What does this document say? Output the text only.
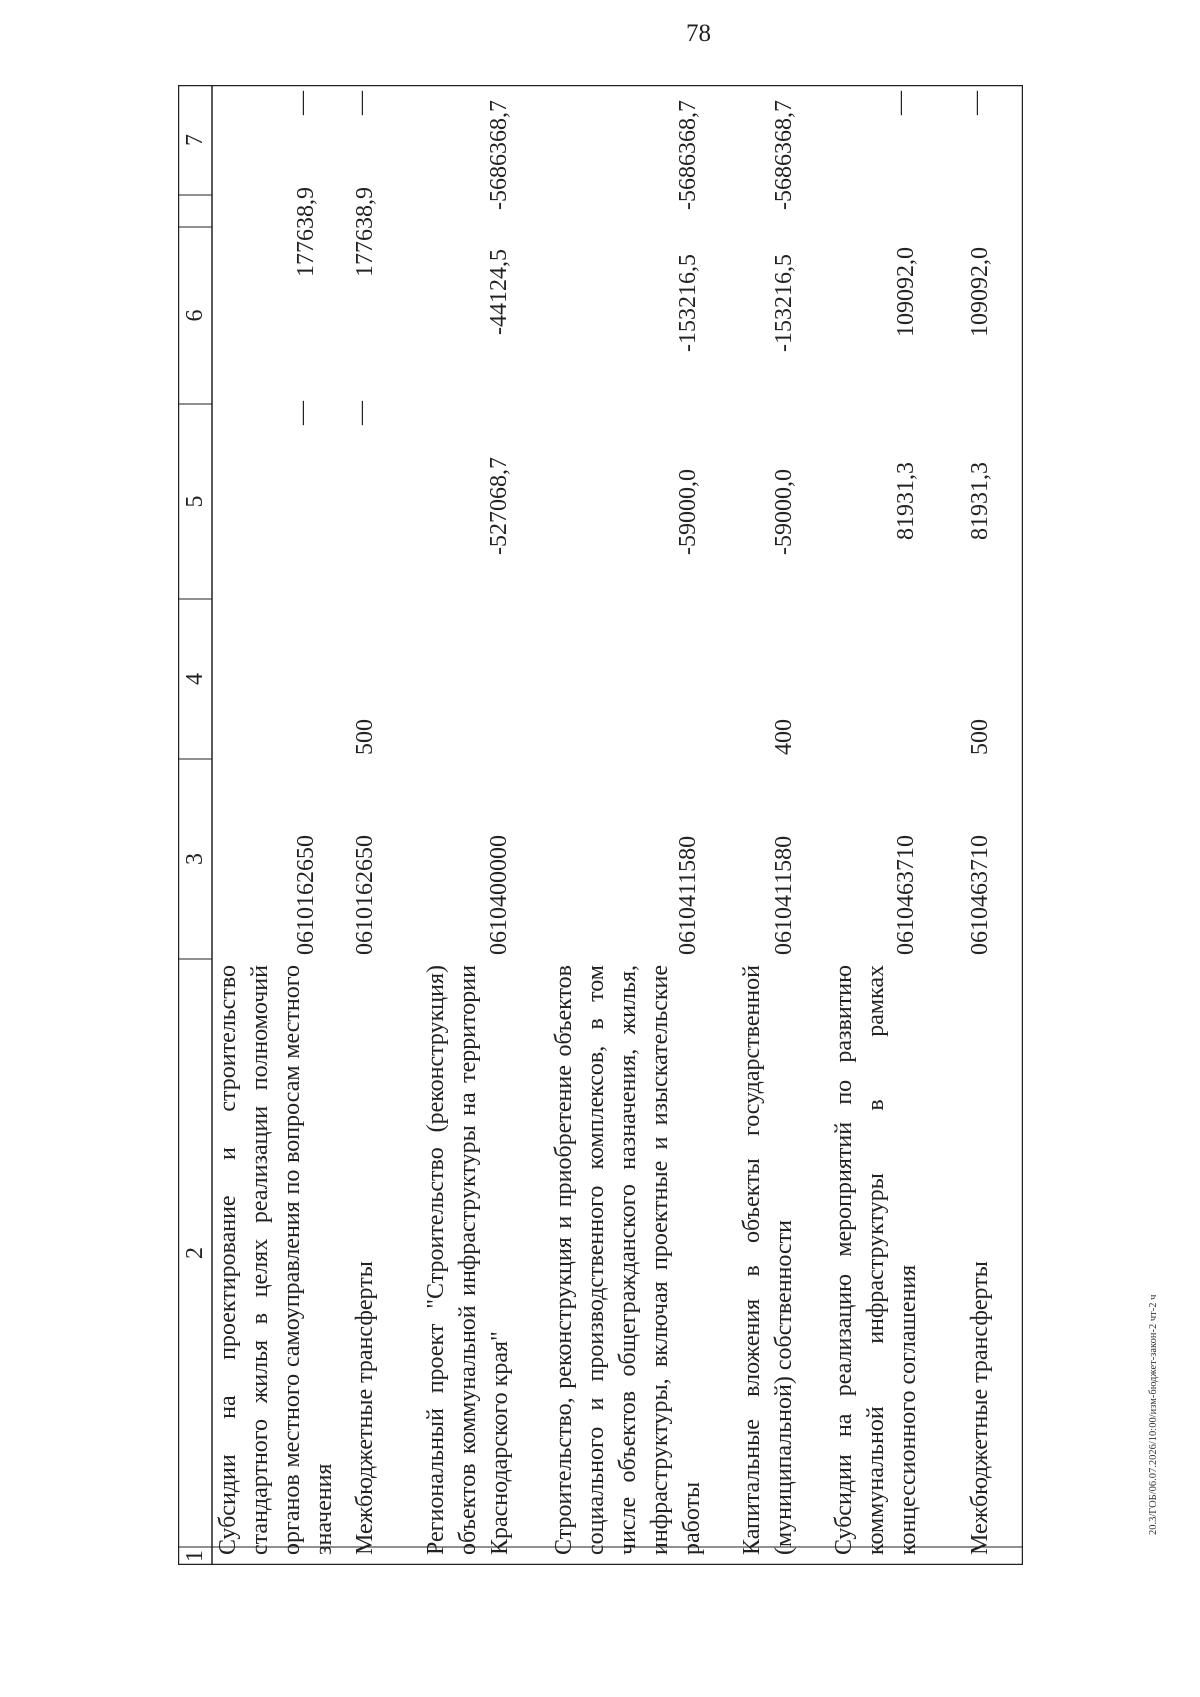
78
20.3/ГОБ/06.07.2026/10:00/изм-бюджет-закон-2 чт-2 ч
1
2
3
4
5
6
7
Субсидии на проектирование и строительство стандартного жилья в целях реализации полномочий органов местного самоуправления по вопросам местного значения
0610162650
—
177638,9
—
Межбюджетные трансферты
0610162650
500
—
177638,9
—
Региональный проект "Строительство (реконструкция) объектов коммунальной инфраструктуры на территории Краснодарского края"
0610400000
-527068,7
-44124,5
-5686368,7
Строительство, реконструкция и приобретение объектов социального и производственного комплексов, в том числе объектов общегражданского назначения, жилья, инфраструктуры, включая проектные и изыскательские работы
0610411580
-59000,0
-153216,5
-5686368,7
Капитальные вложения в объекты государственной (муниципальной) собственности
0610411580
400
-59000,0
-153216,5
-5686368,7
Субсидии на реализацию мероприятий по развитию коммунальной инфраструктуры в рамках концессионного соглашения
0610463710
81931,3
109092,0
—
Межбюджетные трансферты
0610463710
500
81931,3
109092,0
—
